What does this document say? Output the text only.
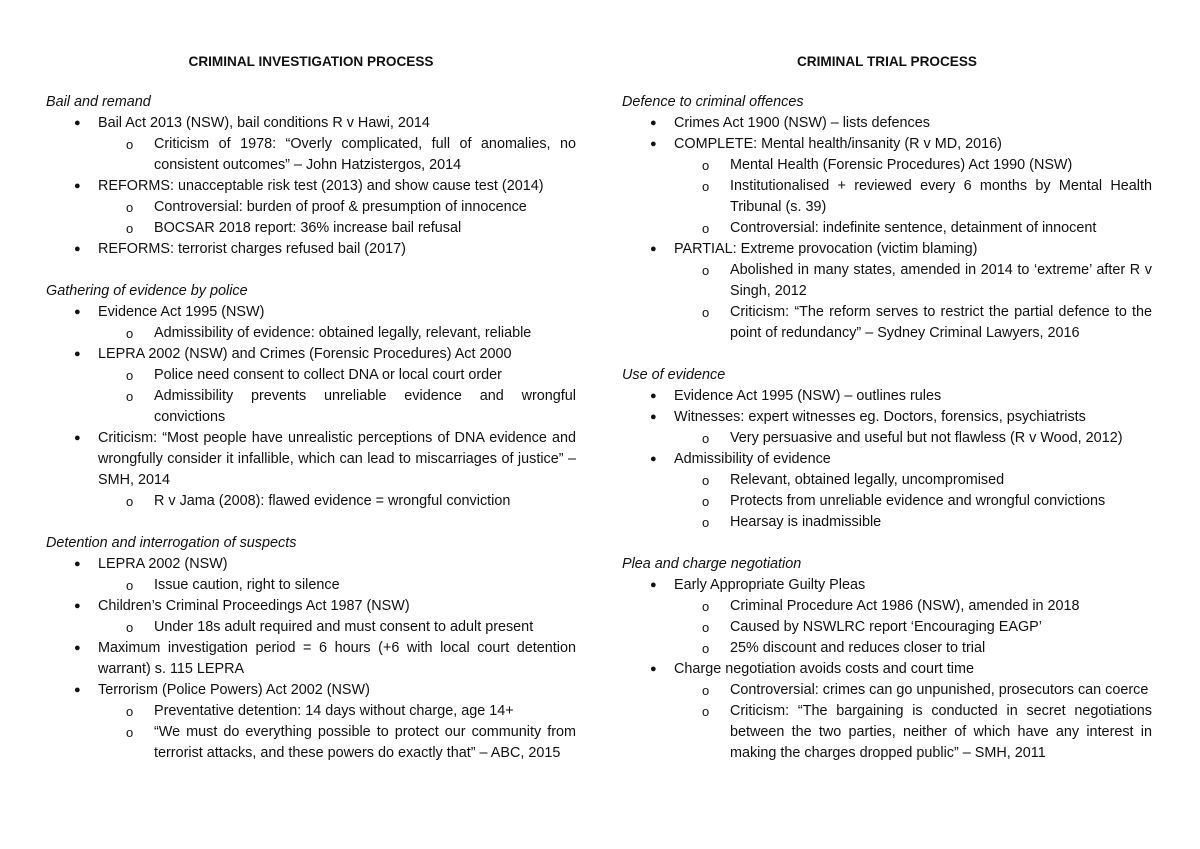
CRIMINAL INVESTIGATION PROCESS
Bail and remand
●	Bail Act 2013 (NSW), bail conditions R v Hawi, 2014
o	Criticism of 1978: “Overly complicated, full of anomalies, no consistent outcomes” – John Hatzistergos, 2014
●	REFORMS: unacceptable risk test (2013) and show cause test (2014)
o	Controversial: burden of proof & presumption of innocence
o	BOCSAR 2018 report: 36% increase bail refusal
●	REFORMS: terrorist charges refused bail (2017)
Gathering of evidence by police
●	Evidence Act 1995 (NSW)
o	Admissibility of evidence: obtained legally, relevant, reliable
●	LEPRA 2002 (NSW) and Crimes (Forensic Procedures) Act 2000
o	Police need consent to collect DNA or local court order
o	Admissibility prevents unreliable evidence and wrongful convictions
●	Criticism: “Most people have unrealistic perceptions of DNA evidence and wrongfully consider it infallible, which can lead to miscarriages of justice” – SMH, 2014
o	R v Jama (2008): flawed evidence = wrongful conviction
Detention and interrogation of suspects
●	LEPRA 2002 (NSW)
o	Issue caution, right to silence
●	Children’s Criminal Proceedings Act 1987 (NSW)
o	Under 18s adult required and must consent to adult present
●	Maximum investigation period = 6 hours (+6 with local court detention warrant) s. 115 LEPRA
●	Terrorism (Police Powers) Act 2002 (NSW)
o	Preventative detention: 14 days without charge, age 14+
o	“We must do everything possible to protect our community from terrorist attacks, and these powers do exactly that” – ABC, 2015
CRIMINAL TRIAL PROCESS
Defence to criminal offences
●	Crimes Act 1900 (NSW) – lists defences
●	COMPLETE: Mental health/insanity (R v MD, 2016)
o	Mental Health (Forensic Procedures) Act 1990 (NSW)
o	Institutionalised + reviewed every 6 months by Mental Health Tribunal (s. 39)
o	Controversial: indefinite sentence, detainment of innocent
●	PARTIAL: Extreme provocation (victim blaming)
o	Abolished in many states, amended in 2014 to ‘extreme’ after R v Singh, 2012
o	Criticism: “The reform serves to restrict the partial defence to the point of redundancy” – Sydney Criminal Lawyers, 2016
Use of evidence
●	Evidence Act 1995 (NSW) – outlines rules
●	Witnesses: expert witnesses eg. Doctors, forensics, psychiatrists
o	Very persuasive and useful but not flawless (R v Wood, 2012)
●	Admissibility of evidence
o	Relevant, obtained legally, uncompromised
o	Protects from unreliable evidence and wrongful convictions
o	Hearsay is inadmissible
Plea and charge negotiation
●	Early Appropriate Guilty Pleas
o	Criminal Procedure Act 1986 (NSW), amended in 2018
o	Caused by NSWLRC report ‘Encouraging EAGP’
o	25% discount and reduces closer to trial
●	Charge negotiation avoids costs and court time
o	Controversial: crimes can go unpunished, prosecutors can coerce
o	Criticism: “The bargaining is conducted in secret negotiations between the two parties, neither of which have any interest in making the charges dropped public” – SMH, 2011
